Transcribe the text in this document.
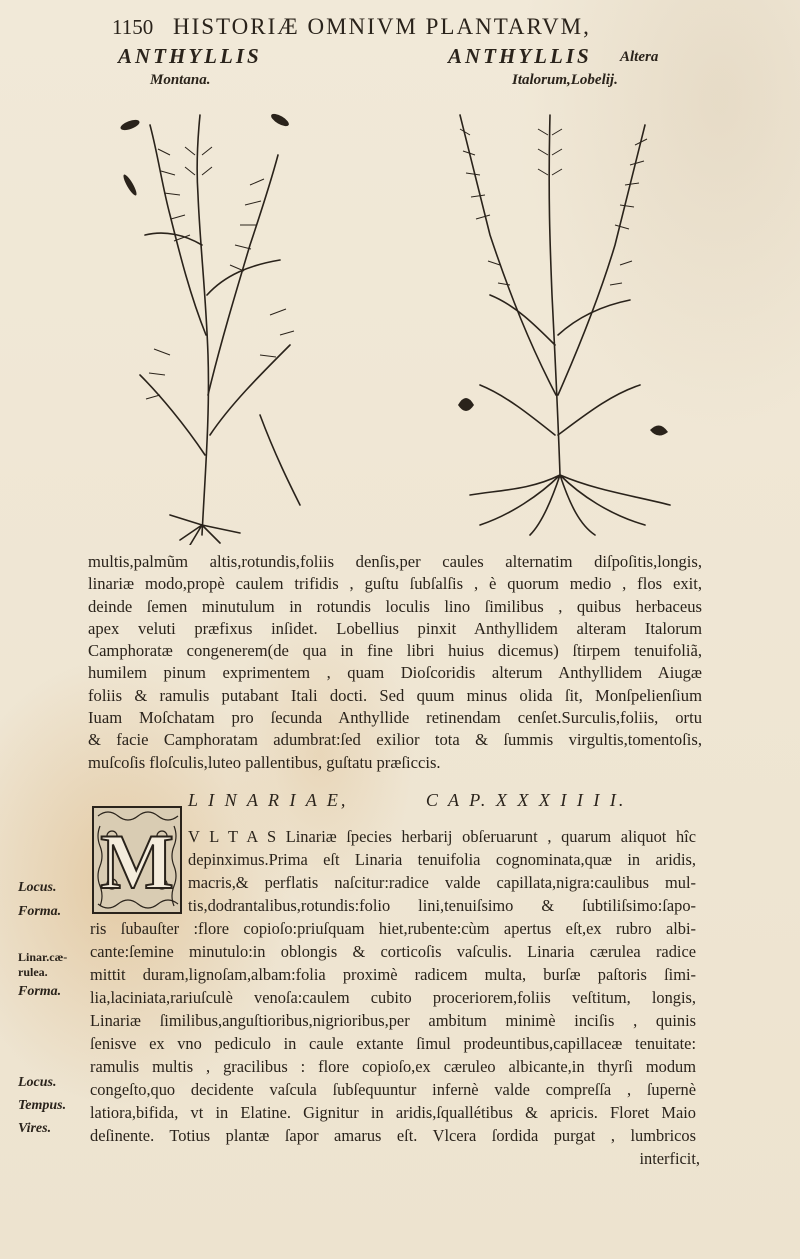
1150 HISTORIÆ OMNIVM PLANTARVM,
ANTHYLLIS
Montana.
ANTHYLLIS Altera
Italorum,Lobelij.
multis,palmũm altis,rotundis,foliis denſis,per caules alternatim diſpoſitis,longis,
linariæ modo,propè caulem trifidis , guſtu ſubſalſis , è quorum medio , flos exit,
deinde ſemen minutulum in rotundis loculis lino ſimilibus , quibus herbaceus
apex veluti præfixus inſidet. Lobellius pinxit Anthyllidem alteram Italorum
Camphoratæ congenerem(de qua in fine libri huius dicemus) ſtirpem tenuifoliã,
humilem pinum exprimentem , quam Dioſcoridis alterum Anthyllidem Aiugæ
foliis & ramulis putabant Itali docti. Sed quum minus olida ſit, Monſpelienſium
Iuam Moſchatam pro ſecunda Anthyllide retinendam cenſet.Surculis,foliis, ortu
& facie Camphoratam adumbrat:ſed exilior tota & ſummis virgultis,tomentoſis,
muſcoſis floſculis,luteo pallentibus, guſtatu præſiccis.
L I N A R I A E,	C A P. X X X I I I I.
M
Locus.
Forma.
Linar.cæ-
rulea.
Forma.
Locus.
Tempus.
Vires.
V L T A S Linariæ ſpecies herbarij obſeruarunt , quarum aliquot hîc
depinximus.Prima eſt Linaria tenuifolia cognominata,quæ in aridis,
macris,& perflatis naſcitur:radice valde capillata,nigra:caulibus mul-
tis,dodrantalibus,rotundis:folio lini,tenuiſsimo & ſubtiliſsimo:ſapo-
ris ſubauſter :flore copioſo:priuſquam hiet,rubente:cùm apertus eſt,ex rubro albi-
cante:ſemine minutulo:in oblongis & corticoſis vaſculis. Linaria cærulea radice
mittit duram,lignoſam,albam:folia proximè radicem multa, burſæ paſtoris ſimi-
lia,laciniata,rariuſculè venoſa:caulem cubito proceriorem,foliis veſtitum, longis,
Linariæ ſimilibus,anguſtioribus,nigrioribus,per ambitum minimè inciſis , quinis
ſenisve ex vno pediculo in caule extante ſimul prodeuntibus,capillaceæ tenuitate:
ramulis multis , gracilibus : flore copioſo,ex cæruleo albicante,in thyrſi modum
congeſto,quo decidente vaſcula ſubſequuntur infernè valde compreſſa , ſupernè
latiora,bifida, vt in Elatine. Gignitur in aridis,ſquallétibus & apricis. Floret Maio
deſinente. Totius plantæ ſapor amarus eſt. Vlcera ſordida purgat , lumbricos
interficit,
